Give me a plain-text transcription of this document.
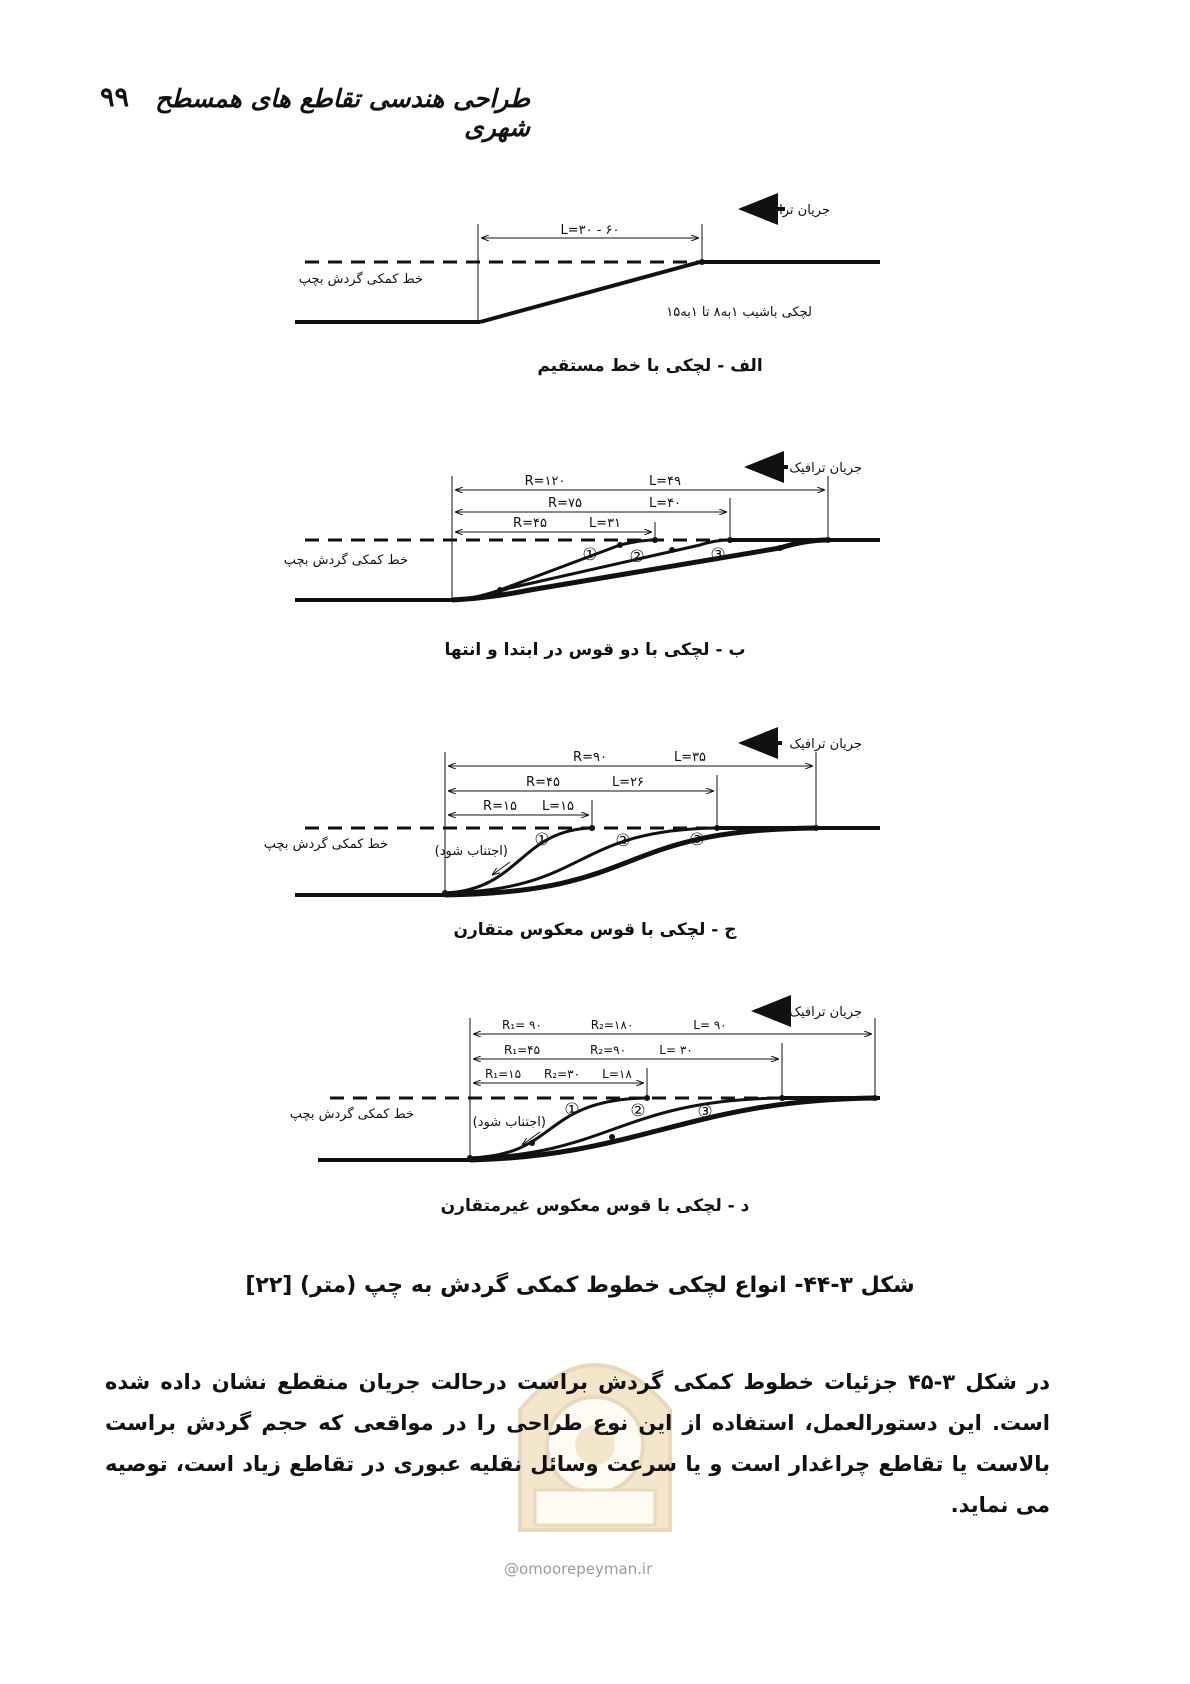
۹۹	طراحی هندسی تقاطع های همسطح شهری
جریان ترافیک
L=۳۰ - ۶۰
خط کمکی گردش بچپ
لچکی باشیب ۱به۸ تا ۱به۱۵
جریان ترافیک
R=۱۲۰	L=۴۹
R=۷۵	L=۴۰
R=۴۵	L=۳۱
① ②	③
خط کمکی گردش بچپ
جریان ترافیک
R=۹۰	L=۳۵
R=۴۵	L=۲۶
R=۱۵ L=۱۵
①	②	③
(اجتناب شود)
خط کمکی گردش بچپ
جریان ترافیک
R₁= ۹۰	R₂=۱۸۰	L= ۹۰
R₁=۴۵	R₂=۹۰	L= ۳۰
R₁=۱۵ R₂=۳۰ L=۱۸
①	②	③
(اجتناب شود)
خط کمکی گردش بچپ
الف - لچکی با خط مستقیم
ب - لچکی با دو قوس در ابتدا و انتها
ج - لچکی با قوس معکوس متقارن
د - لچکی با قوس معکوس غیرمتقارن
شکل ۳-۴۴- انواع لچکی خطوط کمکی گردش به چپ (متر) [۲۲]
@omoorepeyman.ir
در شکل ۳-۴۵ جزئیات خطوط کمکی گردش براست درحالت جریان منقطع نشان داده شده است. این دستورالعمل، استفاده از این نوع طراحی را در مواقعی که حجم گردش براست بالاست یا تقاطع چراغدار است و یا سرعت وسائل نقلیه عبوری در تقاطع زیاد است، توصیه می نماید.
